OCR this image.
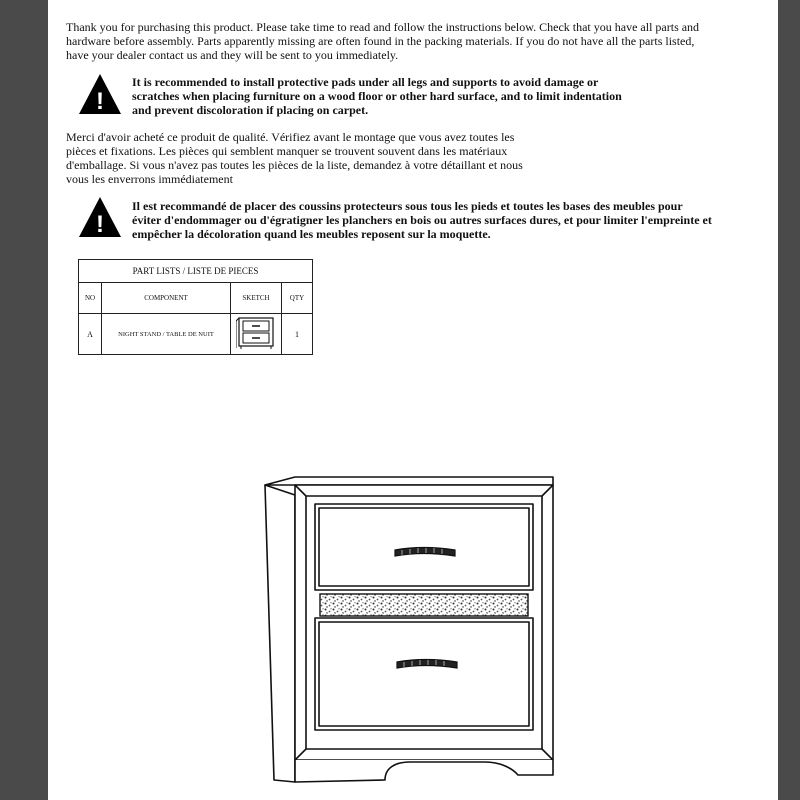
Thank you for purchasing this product. Please take time to read and follow the instructions below. Check that you have all parts and hardware before assembly. Parts apparently missing are often found in the packing materials. If you do not have all the parts listed, have your dealer contact us and they will be sent to you immediately.

!
It is recommended to install protective pads under all legs and supports to avoid damage or scratches when placing furniture on a wood floor or other hard surface, and to limit indentation and prevent discoloration if placing on carpet.

Merci d'avoir acheté ce produit de qualité. Vérifiez avant le montage que vous avez toutes les pièces et fixations. Les pièces qui semblent manquer se trouvent souvent dans les matériaux d'emballage. Si vous n'avez pas toutes les pièces de la liste, demandez à votre détaillant et nous vous les enverrons immédiatement

!
Il est recommandé de placer des coussins protecteurs sous tous les pieds et toutes les bases des meubles pour éviter d'endommager ou d'égratigner les planchers en bois ou autres surfaces dures, et pour limiter l'empreinte et empêcher la décoloration quand les meubles reposent sur la moquette.
PART LISTS / LISTE DE PIECES			
NO	COMPONENT	SKETCH	QTY
A	NIGHT STAND / TABLE DE NUIT		1
